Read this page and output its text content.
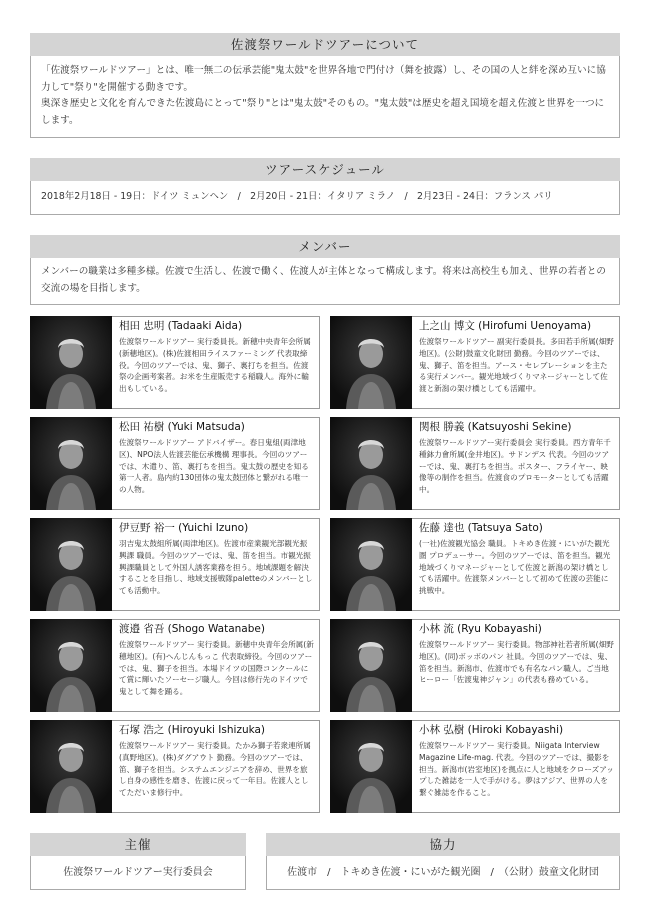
佐渡祭ワールドツアーについて

「佐渡祭ワールドツアー」とは、唯一無二の伝承芸能"鬼太鼓"を世界各地で門付け（舞を披露）し、その国の人と絆を深め互いに協力して"祭り"を開催する動きです。

奥深き歴史と文化を育んできた佐渡島にとって"祭り"とは"鬼太鼓"そのもの。"鬼太鼓"は歴史を超え国境を超え佐渡と世界を一つにします。

ツアースケジュール

2018年2月18日 - 19日：ドイツ ミュンヘン　/　2月20日 - 21日：イタリア ミラノ　/　2月23日 - 24日：フランス パリ

メンバー

メンバーの職業は多種多様。佐渡で生活し、佐渡で働く、佐渡人が主体となって構成します。将来は高校生も加え、世界の若者との交流の場を目指します。

相田 忠明 (Tadaaki Aida)

佐渡祭ワールドツアー 実行委員長。新穂中央青年会所属(新穂地区)。(株)佐渡相田ライスファーミング 代表取締役。今回のツアーでは、鬼、獅子、裏打ちを担当。佐渡祭の企画考案者。お米を生産販売する稲職人。海外に輸出もしている。

上之山 博文 (Hirofumi Uenoyama)

佐渡祭ワールドツアー 副実行委員長。多田若手所属(畑野地区)。(公財)鼓童文化財団 勤務。今回のツアーでは、鬼、獅子、笛を担当。アース・セレブレーションを主たる実行メンバー。観光地域づくりマネージャーとして佐渡と新潟の架け橋としても活躍中。

松田 祐樹 (Yuki Matsuda)

佐渡祭ワールドツアー アドバイザー。春日鬼組(両津地区)、NPO法人佐渡芸能伝承機構 理事長。今回のツアーでは、木遣り、笛、裏打ちを担当。鬼太鼓の歴史を知る第一人者。島内約130団体の鬼太鼓団体と繋がれる唯一の人物。

関根 勝義 (Katsuyoshi Sekine)

佐渡祭ワールドツアー実行委員会 実行委員。西方青年千種鉢力會所属(金井地区)。サドンデス 代表。今回のツアーでは、鬼、裏打ちを担当。ポスター、フライヤー、映像等の制作を担当。佐渡食のプロモーターとしても活躍中。

伊豆野 裕一 (Yuichi Izuno)

羽吉鬼太鼓組所属(両津地区)。佐渡市産業観光部観光振興課 職員。今回のツアーでは、鬼、笛を担当。市観光振興課職員として外国人誘客業務を担う。地域課題を解決することを目指し、地域支援戦隊paletteのメンバーとしても活動中。

佐藤 達也 (Tatsuya Sato)

(一社)佐渡観光協会 職員。トキめき佐渡・にいがた観光圏 プロデューサー。今回のツアーでは、笛を担当。観光地域づくりマネージャーとして佐渡と新潟の架け橋としても活躍中。佐渡祭メンバーとして初めて佐渡の芸能に挑戦中。

渡邉 省吾 (Shogo Watanabe)

佐渡祭ワールドツアー 実行委員。新穂中央青年会所属(新穂地区)。(有)へんじんもっこ 代表取締役。今回のツアーでは、鬼、獅子を担当。本場ドイツの国際コンクールにて賞に輝いたソーセージ職人。今回は修行先のドイツで鬼として舞を踊る。

小林 流 (Ryu Kobayashi)

佐渡祭ワールドツアー 実行委員。物部神社若者所属(畑野地区)。(同)ボッボのパン 社員。今回のツアーでは、鬼、笛を担当。新潟市、佐渡市でも有名なパン職人。ご当地ヒーロー「佐渡鬼神ジャン」の代表も務めている。

石塚 浩之 (Hiroyuki Ishizuka)

佐渡祭ワールドツアー 実行委員。たかみ獅子若衆連所属(真野地区)。(株)ダグアウト 勤務。今回のツアーでは、笛、獅子を担当。システムエンジニアを辞め、世界を旅し自身の感性を磨き、佐渡に戻って一年目。佐渡人としてただいま修行中。

小林 弘樹 (Hiroki Kobayashi)

佐渡祭ワールドツアー 実行委員。Niigata Interview Magazine Life-mag. 代表。今回のツアーでは、撮影を担当。新潟市(岩室地区)を拠点に人と地域をクローズアップした雑誌を一人で手がける。夢はアジア、世界の人を繋ぐ雑誌を作ること。

主催
佐渡祭ワールドツアー実行委員会
協力
佐渡市　/　トキめき佐渡・にいがた観光圏　/　（公財）鼓童文化財団
